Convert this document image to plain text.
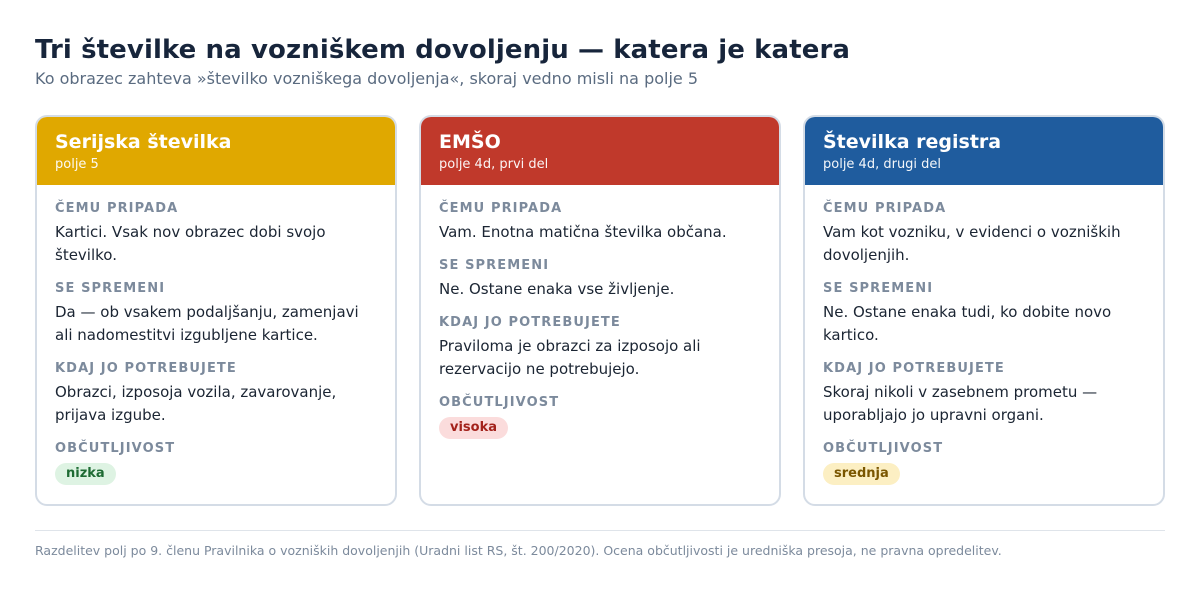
Tri številke na vozniškem dovoljenju — katera je katera
Ko obrazec zahteva »številko vozniškega dovoljenja«, skoraj vedno misli na polje 5
Serijska številka
polje 5
ČEMU PRIPADA
Kartici. Vsak nov obrazec dobi svojo številko.
SE SPREMENI
Da — ob vsakem podaljšanju, zamenjavi ali nadomestitvi izgubljene kartice.
KDAJ JO POTREBUJETE
Obrazci, izposoja vozila, zavarovanje, prijava izgube.
OBČUTLJIVOST
nizka
EMŠO
polje 4d, prvi del
ČEMU PRIPADA
Vam. Enotna matična številka občana.
SE SPREMENI
Ne. Ostane enaka vse življenje.
KDAJ JO POTREBUJETE
Praviloma je obrazci za izposojo ali rezervacijo ne potrebujejo.
OBČUTLJIVOST
visoka
Številka registra
polje 4d, drugi del
ČEMU PRIPADA
Vam kot vozniku, v evidenci o vozniških dovoljenjih.
SE SPREMENI
Ne. Ostane enaka tudi, ko dobite novo kartico.
KDAJ JO POTREBUJETE
Skoraj nikoli v zasebnem prometu — uporabljajo jo upravni organi.
OBČUTLJIVOST
srednja
Razdelitev polj po 9. členu Pravilnika o vozniških dovoljenjih (Uradni list RS, št. 200/2020). Ocena občutljivosti je uredniška presoja, ne pravna opredelitev.
